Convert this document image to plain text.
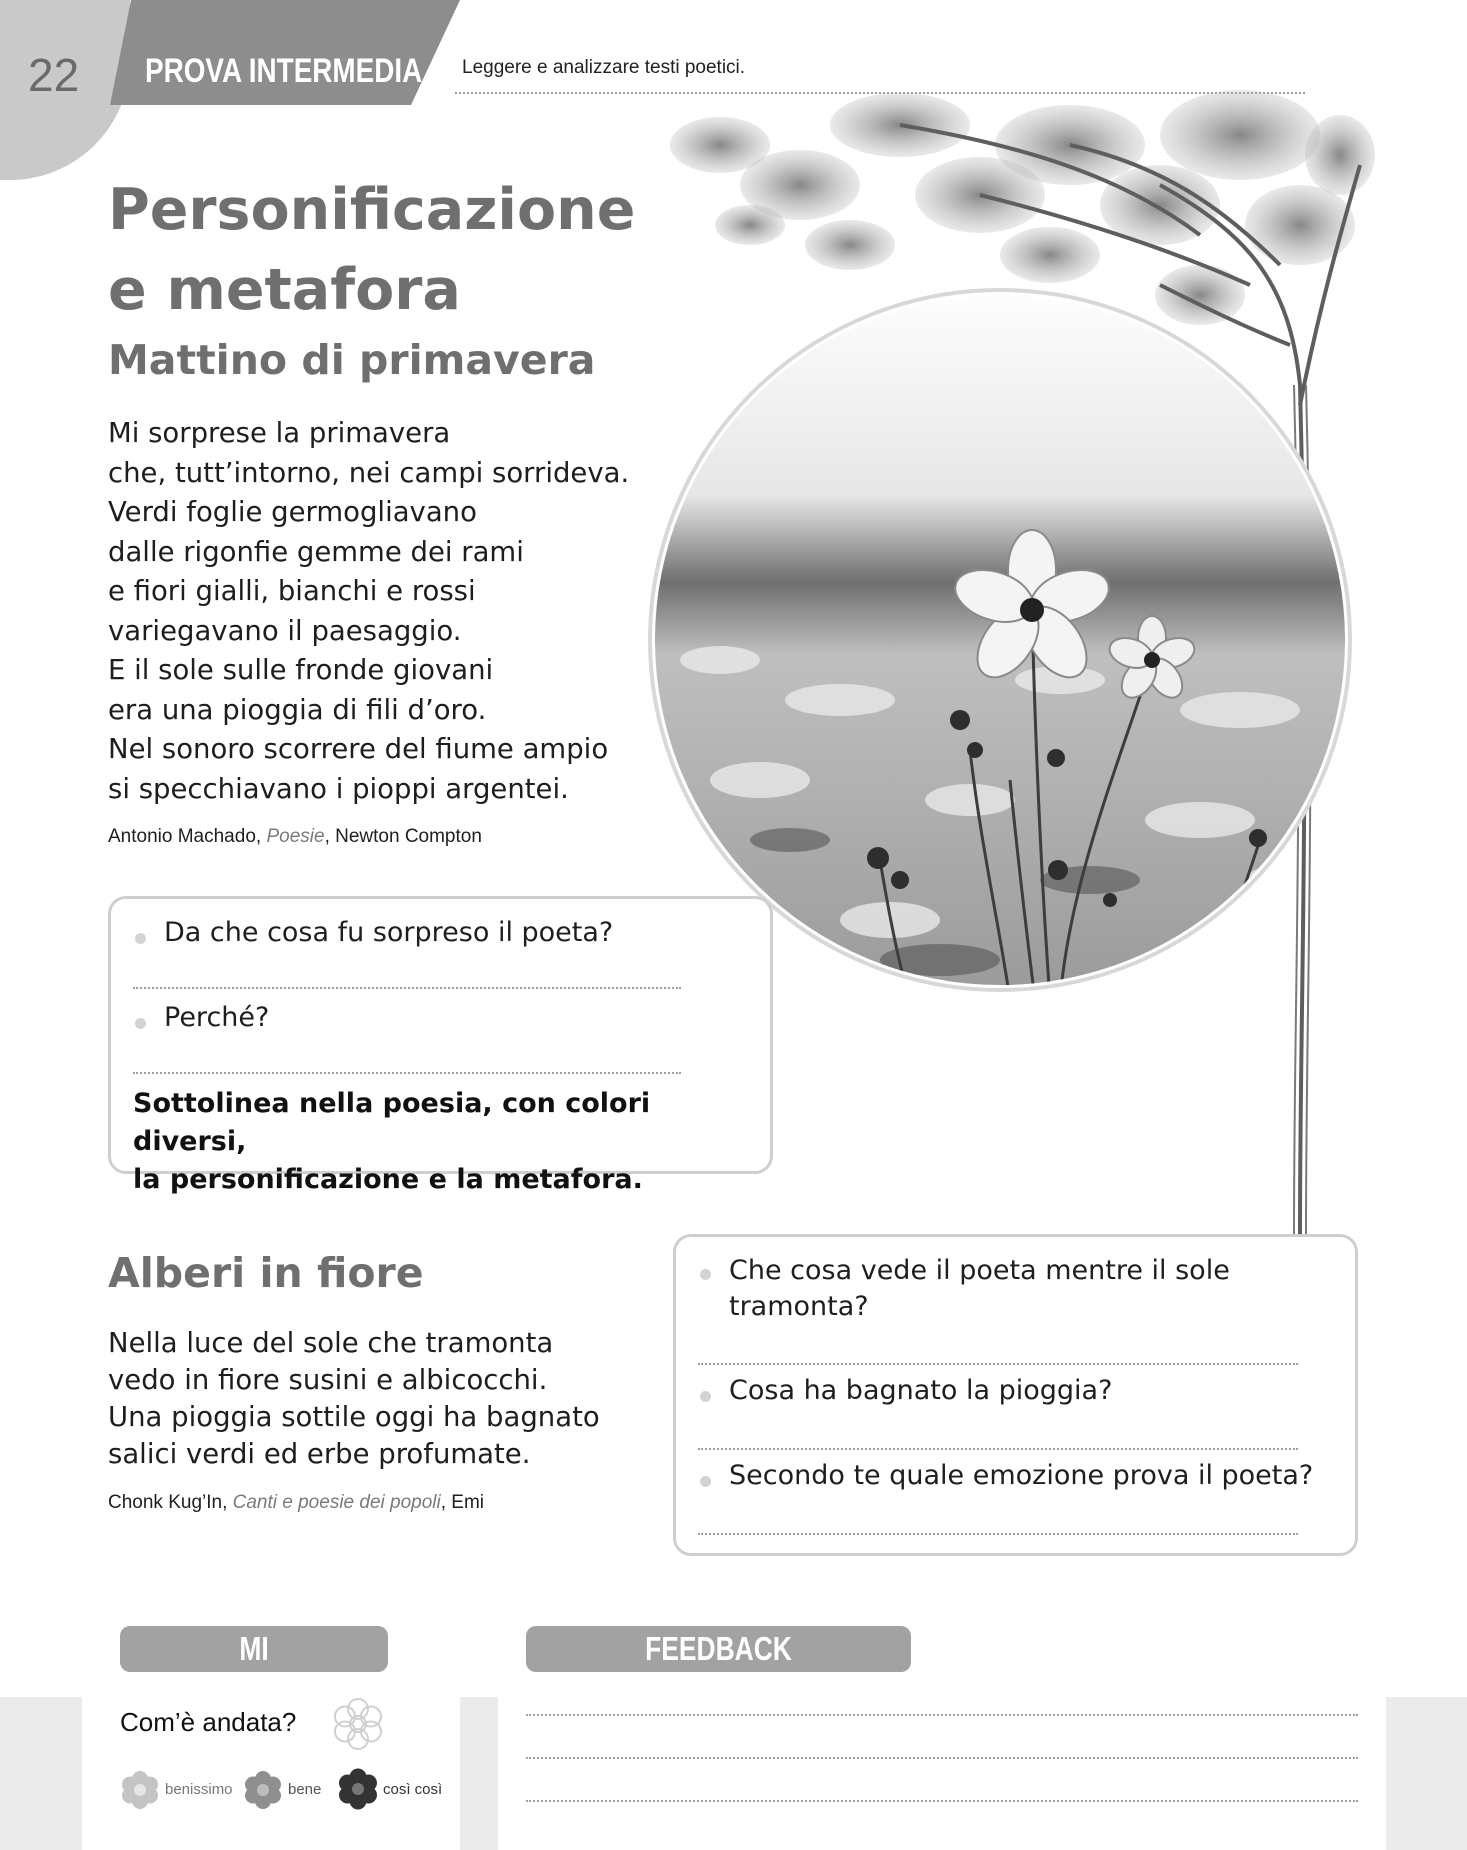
22 PROVA INTERMEDIA Leggere e analizzare testi poetici.
Personificazione
e metafora
Mattino di primavera
Mi sorprese la primavera
che, tutt’intorno, nei campi sorrideva.
Verdi foglie germogliavano
dalle rigonfie gemme dei rami
e fiori gialli, bianchi e rossi
variegavano il paesaggio.
E il sole sulle fronde giovani
era una pioggia di fili d’oro.
Nel sonoro scorrere del fiume ampio
si specchiavano i pioppi argentei.
Antonio Machado, Poesie, Newton Compton
Da che cosa fu sorpreso il poeta?
Perché?
Sottolinea nella poesia, con colori diversi,
la personificazione e la metafora.
Alberi in fiore
Nella luce del sole che tramonta
vedo in fiore susini e albicocchi.
Una pioggia sottile oggi ha bagnato
salici verdi ed erbe profumate.
Chonk Kug’In, Canti e poesie dei popoli, Emi
Che cosa vede il poeta mentre il sole
tramonta?
Cosa ha bagnato la pioggia?
Secondo te quale emozione prova il poeta?
MI AUTOVALUTO
FEEDBACK DELL’INSEGNANTE
Com’è andata?
benissimo	bene	così così
